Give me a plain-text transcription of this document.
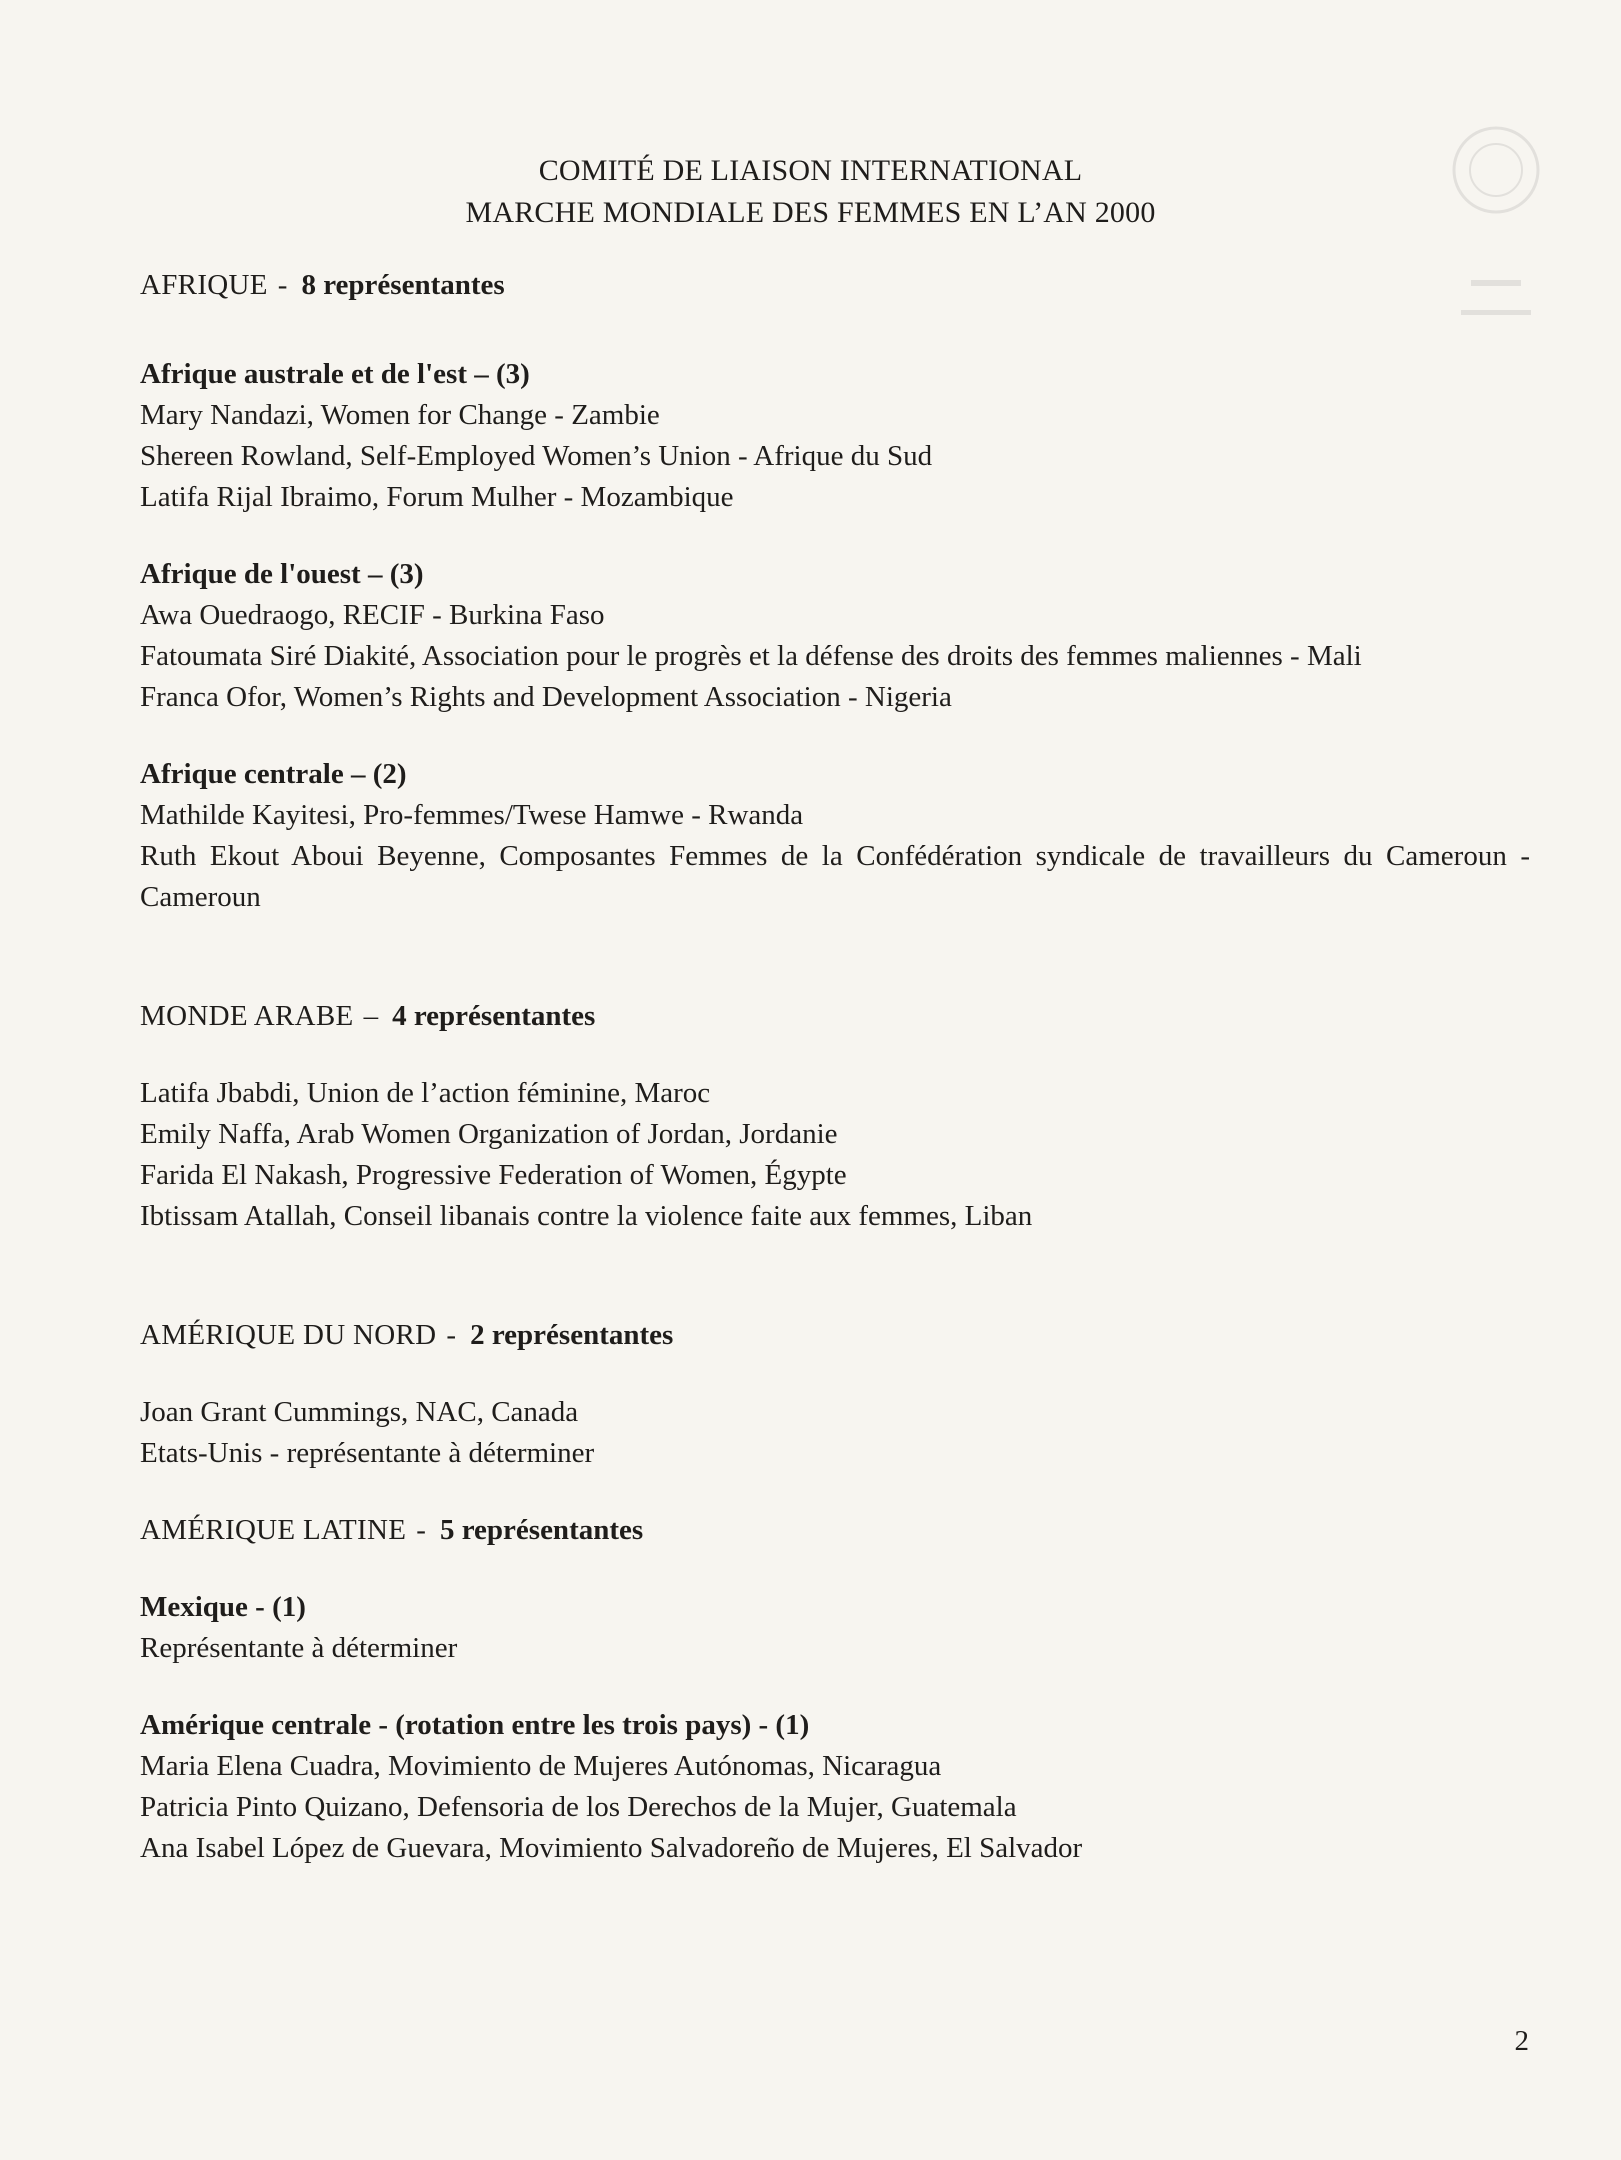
COMITÉ DE LIAISON INTERNATIONAL
MARCHE MONDIALE DES FEMMES EN L’AN 2000

AFRIQUE - 8 représentantes

Afrique australe et de l'est – (3)

Mary Nandazi, Women for Change - Zambie

Shereen Rowland, Self-Employed Women’s Union - Afrique du Sud

Latifa Rijal Ibraimo, Forum Mulher - Mozambique

Afrique de l'ouest – (3)

Awa Ouedraogo, RECIF - Burkina Faso

Fatoumata Siré Diakité, Association pour le progrès et la défense des droits des femmes maliennes - Mali

Franca Ofor, Women’s Rights and Development Association - Nigeria

Afrique centrale – (2)

Mathilde Kayitesi, Pro-femmes/Twese Hamwe - Rwanda

Ruth Ekout Aboui Beyenne, Composantes Femmes de la Confédération syndicale de travailleurs du Cameroun - Cameroun

MONDE ARABE – 4 représentantes

Latifa Jbabdi, Union de l’action féminine, Maroc

Emily Naffa, Arab Women Organization of Jordan, Jordanie

Farida El Nakash, Progressive Federation of Women, Égypte

Ibtissam Atallah, Conseil libanais contre la violence faite aux femmes, Liban

AMÉRIQUE DU NORD - 2 représentantes

Joan Grant Cummings, NAC, Canada

Etats-Unis - représentante à déterminer

AMÉRIQUE LATINE - 5 représentantes

Mexique - (1)

Représentante à déterminer

Amérique centrale - (rotation entre les trois pays) - (1)

Maria Elena Cuadra, Movimiento de Mujeres Autónomas, Nicaragua

Patricia Pinto Quizano, Defensoria de los Derechos de la Mujer, Guatemala

Ana Isabel López de Guevara, Movimiento Salvadoreño de Mujeres, El Salvador

2
